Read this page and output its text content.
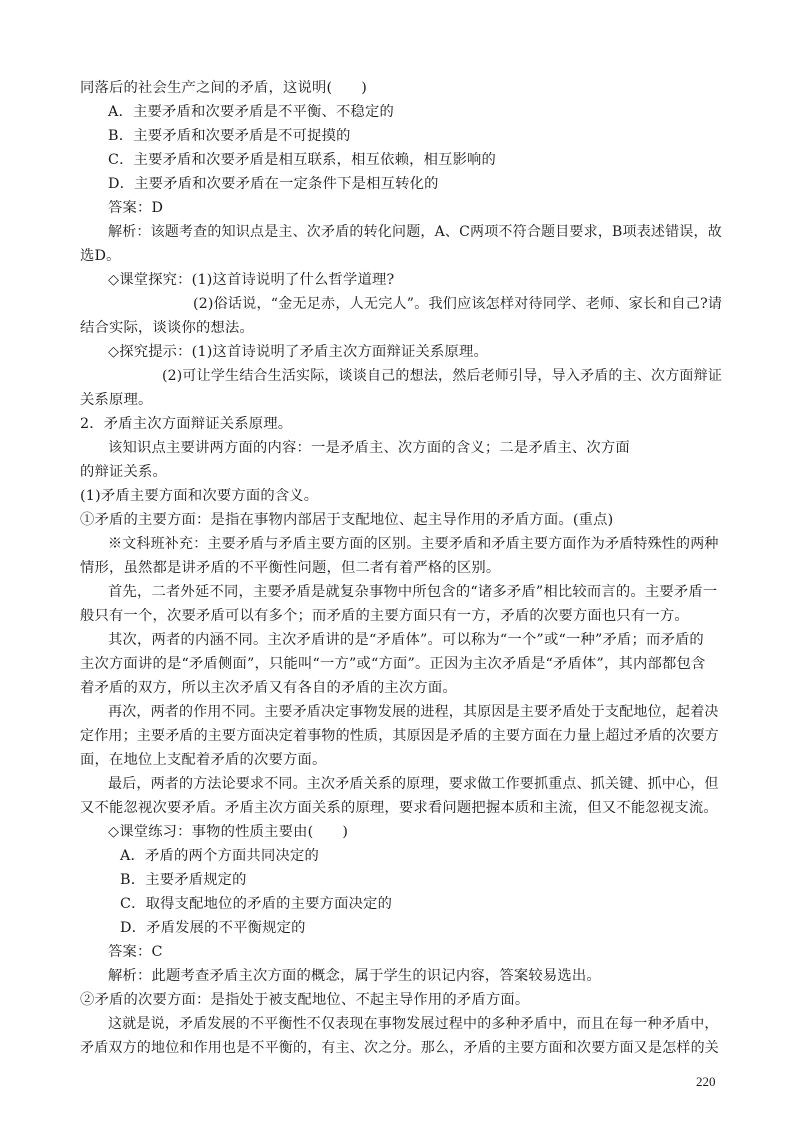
同落后的社会生产之间的矛盾，这说明(　　)
A．主要矛盾和次要矛盾是不平衡、不稳定的
B．主要矛盾和次要矛盾是不可捉摸的
C．主要矛盾和次要矛盾是相互联系，相互依赖，相互影响的
D．主要矛盾和次要矛盾在一定条件下是相互转化的
答案：D
解析：该题考查的知识点是主、次矛盾的转化问题，A、C两项不符合题目要求，B项表述错误，故
选D。
◇课堂探究：(1)这首诗说明了什么哲学道理?
(2)俗话说，“金无足赤，人无完人”。我们应该怎样对待同学、老师、家长和自己?请
结合实际，谈谈你的想法。
◇探究提示：(1)这首诗说明了矛盾主次方面辩证关系原理。
(2)可让学生结合生活实际，谈谈自己的想法，然后老师引导，导入矛盾的主、次方面辩证
关系原理。
2．矛盾主次方面辩证关系原理。
该知识点主要讲两方面的内容：一是矛盾主、次方面的含义；二是矛盾主、次方面
的辩证关系。
(1)矛盾主要方面和次要方面的含义。
①矛盾的主要方面：是指在事物内部居于支配地位、起主导作用的矛盾方面。(重点)
※文科班补充：主要矛盾与矛盾主要方面的区别。主要矛盾和矛盾主要方面作为矛盾特殊性的两种
情形，虽然都是讲矛盾的不平衡性问题，但二者有着严格的区别。
首先，二者外延不同，主要矛盾是就复杂事物中所包含的“诸多矛盾”相比较而言的。主要矛盾一
般只有一个，次要矛盾可以有多个；而矛盾的主要方面只有一方，矛盾的次要方面也只有一方。
其次，两者的内涵不同。主次矛盾讲的是“矛盾体”。可以称为“一个”或“一种”矛盾；而矛盾的
主次方面讲的是“矛盾侧面”，只能叫“一方”或“方面”。正因为主次矛盾是“矛盾体”，其内部都包含
着矛盾的双方，所以主次矛盾又有各自的矛盾的主次方面。
再次，两者的作用不同。主要矛盾决定事物发展的进程，其原因是主要矛盾处于支配地位，起着决
定作用；主要矛盾的主要方面决定着事物的性质，其原因是矛盾的主要方面在力量上超过矛盾的次要方
面，在地位上支配着矛盾的次要方面。
最后，两者的方法论要求不同。主次矛盾关系的原理，要求做工作要抓重点、抓关键、抓中心，但
又不能忽视次要矛盾。矛盾主次方面关系的原理，要求看问题把握本质和主流，但又不能忽视支流。
◇课堂练习：事物的性质主要由(　　)
A．矛盾的两个方面共同决定的
B．主要矛盾规定的
C．取得支配地位的矛盾的主要方面决定的
D．矛盾发展的不平衡规定的
答案：C
解析：此题考查矛盾主次方面的概念，属于学生的识记内容，答案较易选出。
②矛盾的次要方面：是指处于被支配地位、不起主导作用的矛盾方面。
这就是说，矛盾发展的不平衡性不仅表现在事物发展过程中的多种矛盾中，而且在每一种矛盾中，
矛盾双方的地位和作用也是不平衡的，有主、次之分。那么，矛盾的主要方面和次要方面又是怎样的关
220
